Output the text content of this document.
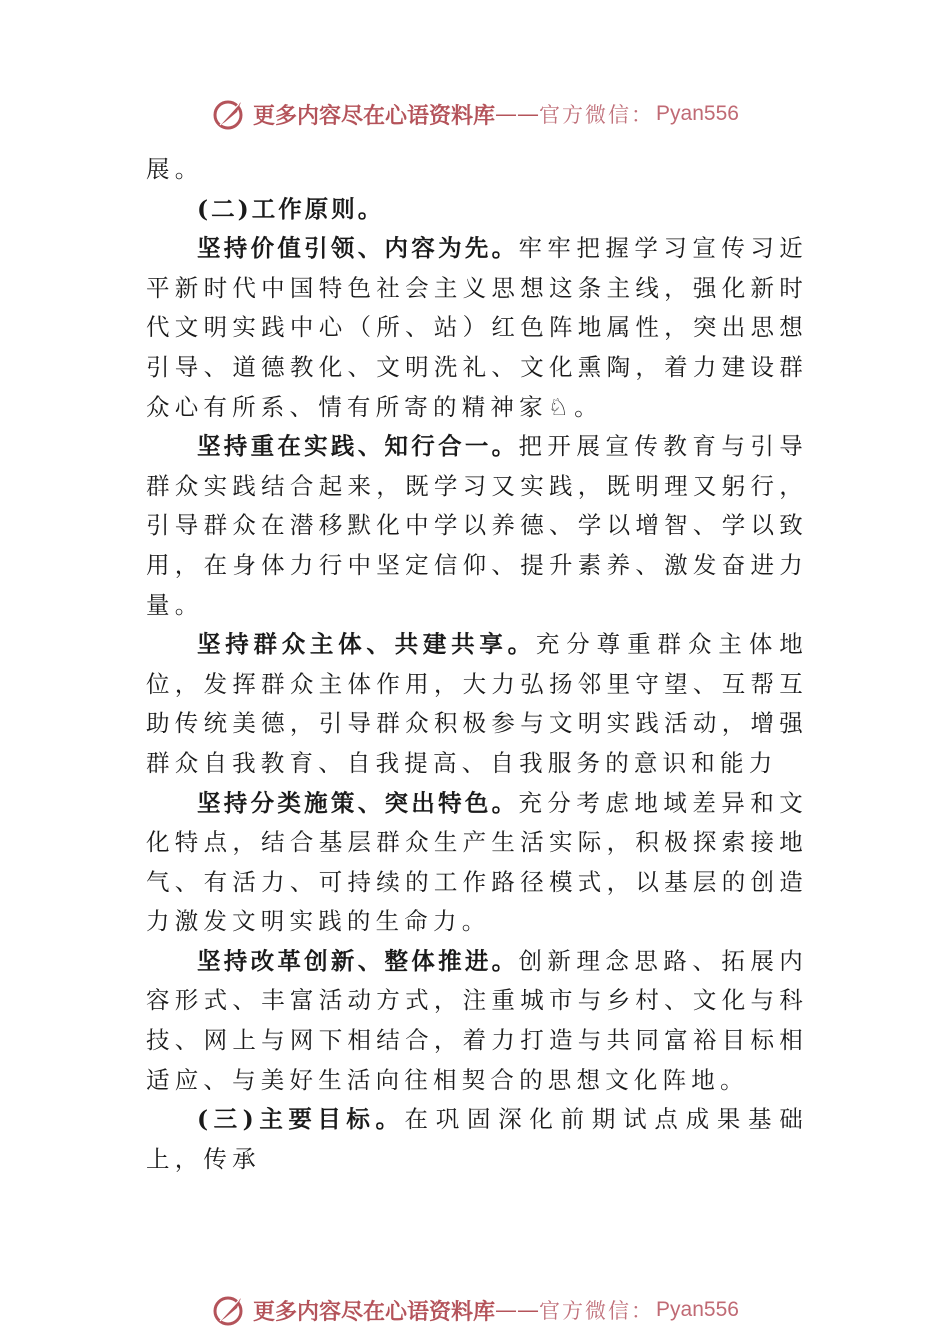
更多内容尽在心语资料库 —— 官方微信 ： Pyan556

展。

(二)工作原则。

坚持价值引领、内容为先。牢牢把握学习宣传习近平新时代中国特色社会主义思想这条主线，强化新时代文明实践中心（所、站）红色阵地属性，突出思想引导、道德教化、文明洗礼、文化熏陶，着力建设群众心有所系、情有所寄的精神家♘。

坚持重在实践、知行合一。把开展宣传教育与引导群众实践结合起来，既学习又实践，既明理又躬行，引导群众在潜移默化中学以养德、学以增智、学以致用，在身体力行中坚定信仰、提升素养、激发奋进力量。

坚持群众主体、共建共享。充分尊重群众主体地位，发挥群众主体作用，大力弘扬邻里守望、互帮互助传统美德，引导群众积极参与文明实践活动，增强群众自我教育、自我提高、自我服务的意识和能力

坚持分类施策、突出特色。充分考虑地域差异和文化特点，结合基层群众生产生活实际，积极探索接地气、有活力、可持续的工作路径模式，以基层的创造力激发文明实践的生命力。

坚持改革创新、整体推进。创新理念思路、拓展内容形式、丰富活动方式，注重城市与乡村、文化与科技、网上与网下相结合，着力打造与共同富裕目标相适应、与美好生活向往相契合的思想文化阵地。

(三)主要目标。在巩固深化前期试点成果基础上，传承

更多内容尽在心语资料库 —— 官方微信 ： Pyan556
